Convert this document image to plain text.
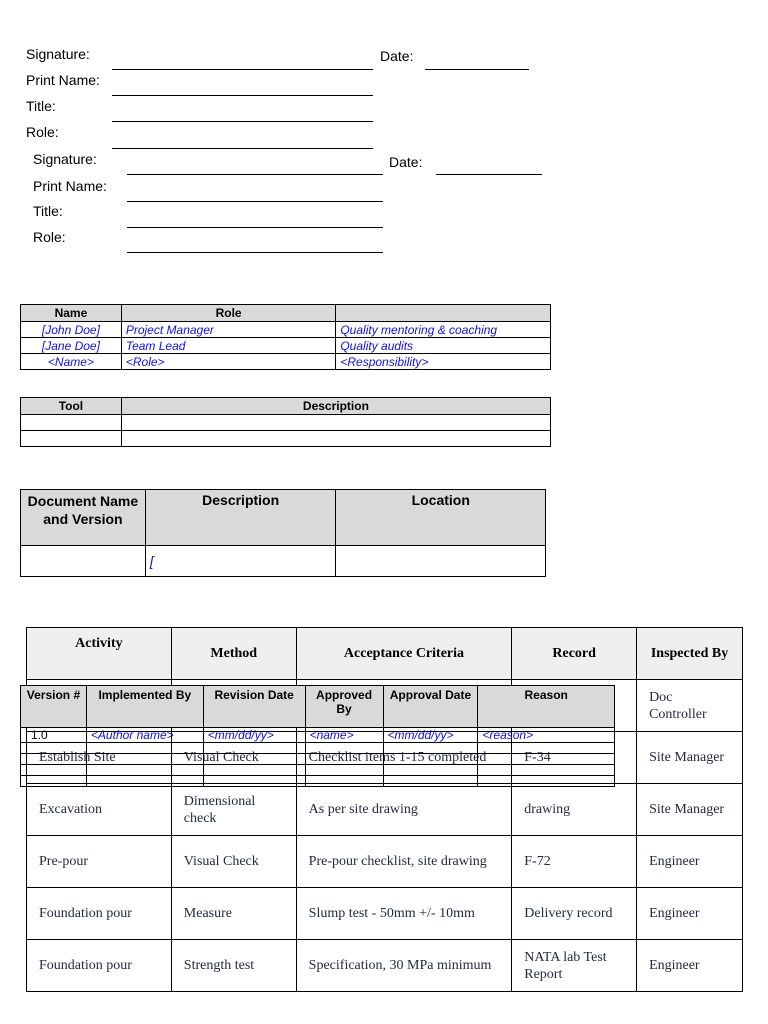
Signature:	Date:
Print Name:
Title:
Role:
Signature:	Date:
Print Name:
Title:
Role:
Name	Role	
[John Doe]	Project Manager	Quality mentoring & coaching
[Jane Doe]	Team Lead	Quality audits
<Name>	<Role>	<Responsibility>
Tool	Description

Document Name and Version	Description	Location
	[	
Activity	Method	Acceptance Criteria	Record	Inspected By
				Doc Controller
Establish Site	Visual Check	Checklist items 1-15 completed	F-34	Site Manager
Excavation	Dimensional check	As per site drawing	drawing	Site Manager
Pre-pour	Visual Check	Pre-pour checklist, site drawing	F-72	Engineer
Foundation pour	Measure	Slump test - 50mm +/- 10mm	Delivery record	Engineer
Foundation pour	Strength test	Specification, 30 MPa minimum	NATA lab Test Report	Engineer
Version #	Implemented By	Revision Date	Approved By	Approval Date	Reason
1.0	<Author name>	<mm/dd/yy>	<name>	<mm/dd/yy>	<reason>
